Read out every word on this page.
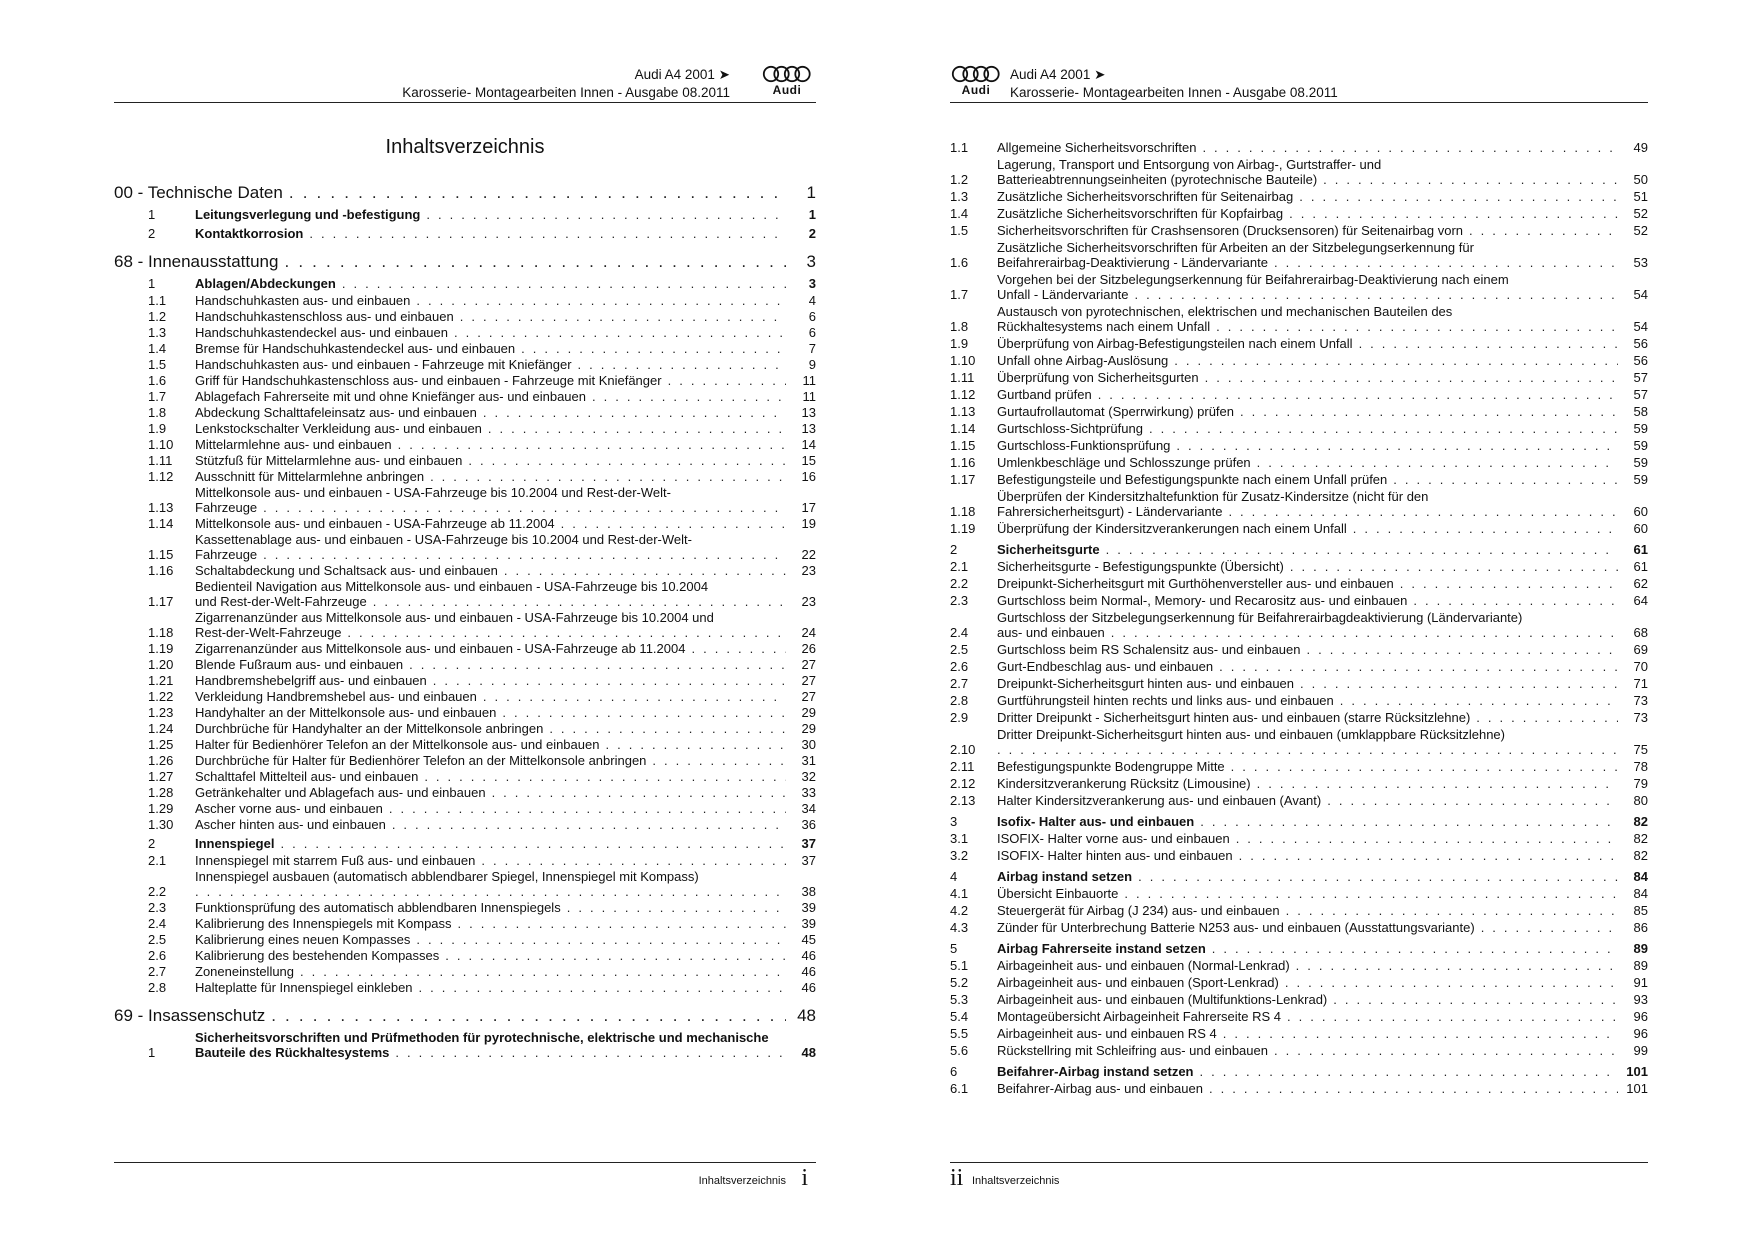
Audi A4 2001 ➤
Karosserie- Montagearbeiten Innen - Ausgabe 08.2011	Audi
Inhaltsverzeichnis
00 - Technische Daten . . .	1
1	Leitungsverlegung und -befestigung . . .	1
2	Kontaktkorrosion . . .	2
68 - Innenausstattung . . .	3
1	Ablagen/Abdeckungen . . .	3
1.1	Handschuhkasten aus- und einbauen . . .	4
1.2	Handschuhkastenschloss aus- und einbauen . . .	6
1.3	Handschuhkastendeckel aus- und einbauen . . .	6
1.4	Bremse für Handschuhkastendeckel aus- und einbauen . . .	7
1.5	Handschuhkasten aus- und einbauen - Fahrzeuge mit Kniefänger . . .	9
1.6	Griff für Handschuhkastenschloss aus- und einbauen - Fahrzeuge mit Kniefänger . . .	11
1.7	Ablagefach Fahrerseite mit und ohne Kniefänger aus- und einbauen . . .	11
1.8	Abdeckung Schalttafeleinsatz aus- und einbauen . . .	13
1.9	Lenkstockschalter Verkleidung aus- und einbauen . . .	13
1.10	Mittelarmlehne aus- und einbauen . . .	14
1.11	Stützfuß für Mittelarmlehne aus- und einbauen . . .	15
1.12	Ausschnitt für Mittelarmlehne anbringen . . .	16
1.13
Mittelkonsole aus- und einbauen - USA-Fahrzeuge bis 10.2004 und Rest-der-Welt-
Fahrzeuge . . .	17
1.14	Mittelkonsole aus- und einbauen - USA-Fahrzeuge ab 11.2004 . . .	19
1.15
Kassettenablage aus- und einbauen - USA-Fahrzeuge bis 10.2004 und Rest-der-Welt-
Fahrzeuge . . .	22
1.16	Schaltabdeckung und Schaltsack aus- und einbauen . . .	23
1.17
Bedienteil Navigation aus Mittelkonsole aus- und einbauen - USA-Fahrzeuge bis 10.2004
und Rest-der-Welt-Fahrzeuge . . .	23
1.18
Zigarrenanzünder aus Mittelkonsole aus- und einbauen - USA-Fahrzeuge bis 10.2004 und
Rest-der-Welt-Fahrzeuge . . .	24
1.19	Zigarrenanzünder aus Mittelkonsole aus- und einbauen - USA-Fahrzeuge ab 11.2004 . . .	26
1.20	Blende Fußraum aus- und einbauen . . .	27
1.21	Handbremshebelgriff aus- und einbauen . . .	27
1.22	Verkleidung Handbremshebel aus- und einbauen . . .	27
1.23	Handyhalter an der Mittelkonsole aus- und einbauen . . .	29
1.24	Durchbrüche für Handyhalter an der Mittelkonsole anbringen . . .	29
1.25	Halter für Bedienhörer Telefon an der Mittelkonsole aus- und einbauen . . .	30
1.26	Durchbrüche für Halter für Bedienhörer Telefon an der Mittelkonsole anbringen . . .	31
1.27	Schalttafel Mittelteil aus- und einbauen . . .	32
1.28	Getränkehalter und Ablagefach aus- und einbauen . . .	33
1.29	Ascher vorne aus- und einbauen . . .	34
1.30	Ascher hinten aus- und einbauen . . .	36
2	Innenspiegel . . .	37
2.1	Innenspiegel mit starrem Fuß aus- und einbauen . . .	37
2.2
Innenspiegel ausbauen (automatisch abblendbarer Spiegel, Innenspiegel mit Kompass)
. . .
38
2.3	Funktionsprüfung des automatisch abblendbaren Innenspiegels . . .	39
2.4	Kalibrierung des Innenspiegels mit Kompass . . .	39
2.5	Kalibrierung eines neuen Kompasses . . .	45
2.6	Kalibrierung des bestehenden Kompasses . . .	46
2.7	Zoneneinstellung . . .	46
2.8	Halteplatte für Innenspiegel einkleben . . .	46
69 - Insassenschutz . . .	48
1
Sicherheitsvorschriften und Prüfmethoden für pyrotechnische, elektrische und mechanische
Bauteile des Rückhaltesystems . . .	48
Inhaltsverzeichnis i
Audi
Audi A4 2001 ➤
Karosserie- Montagearbeiten Innen - Ausgabe 08.2011
1.1	Allgemeine Sicherheitsvorschriften . . .	49
1.2
Lagerung, Transport und Entsorgung von Airbag-, Gurtstraffer- und
Batterieabtrennungseinheiten (pyrotechnische Bauteile) . . .	50
1.3	Zusätzliche Sicherheitsvorschriften für Seitenairbag . . .	51
1.4	Zusätzliche Sicherheitsvorschriften für Kopfairbag . . .	52
1.5	Sicherheitsvorschriften für Crashsensoren (Drucksensoren) für Seitenairbag vorn . . .	52
1.6
Zusätzliche Sicherheitsvorschriften für Arbeiten an der Sitzbelegungserkennung für
Beifahrerairbag-Deaktivierung - Ländervariante . . .	53
1.7
Vorgehen bei der Sitzbelegungserkennung für Beifahrerairbag-Deaktivierung nach einem
Unfall - Ländervariante . . .	54
1.8
Austausch von pyrotechnischen, elektrischen und mechanischen Bauteilen des
Rückhaltesystems nach einem Unfall . . .	54
1.9	Überprüfung von Airbag-Befestigungsteilen nach einem Unfall . . .	56
1.10	Unfall ohne Airbag-Auslösung . . .	56
1.11	Überprüfung von Sicherheitsgurten . . .	57
1.12	Gurtband prüfen . . .	57
1.13	Gurtaufrollautomat (Sperrwirkung) prüfen . . .	58
1.14	Gurtschloss-Sichtprüfung . . .	59
1.15	Gurtschloss-Funktionsprüfung . . .	59
1.16	Umlenkbeschläge und Schlosszunge prüfen . . .	59
1.17	Befestigungsteile und Befestigungspunkte nach einem Unfall prüfen . . .	59
1.18
Überprüfen der Kindersitzhaltefunktion für Zusatz-Kindersitze (nicht für den
Fahrersicherheitsgurt) - Ländervariante . . .	60
1.19	Überprüfung der Kindersitzverankerungen nach einem Unfall . . .	60
2	Sicherheitsgurte . . .	61
2.1	Sicherheitsgurte - Befestigungspunkte (Übersicht) . . .	61
2.2	Dreipunkt-Sicherheitsgurt mit Gurthöhenversteller aus- und einbauen . . .	62
2.3	Gurtschloss beim Normal-, Memory- und Recarositz aus- und einbauen . . .	64
2.4
Gurtschloss der Sitzbelegungserkennung für Beifahrerairbagdeaktivierung (Ländervariante)
aus- und einbauen . . .	68
2.5	Gurtschloss beim RS Schalensitz aus- und einbauen . . .	69
2.6	Gurt-Endbeschlag aus- und einbauen . . .	70
2.7	Dreipunkt-Sicherheitsgurt hinten aus- und einbauen . . .	71
2.8	Gurtführungsteil hinten rechts und links aus- und einbauen . . .	73
2.9	Dritter Dreipunkt - Sicherheitsgurt hinten aus- und einbauen (starre Rücksitzlehne) . . .	73
2.10
Dritter Dreipunkt-Sicherheitsgurt hinten aus- und einbauen (umklappbare Rücksitzlehne)
. . .
75
2.11	Befestigungspunkte Bodengruppe Mitte . . .	78
2.12	Kindersitzverankerung Rücksitz (Limousine) . . .	79
2.13	Halter Kindersitzverankerung aus- und einbauen (Avant) . . .	80
3	Isofix- Halter aus- und einbauen . . .	82
3.1	ISOFIX- Halter vorne aus- und einbauen . . .	82
3.2	ISOFIX- Halter hinten aus- und einbauen . . .	82
4	Airbag instand setzen . . .	84
4.1	Übersicht Einbauorte . . .	84
4.2	Steuergerät für Airbag (J 234) aus- und einbauen . . .	85
4.3	Zünder für Unterbrechung Batterie N253 aus- und einbauen (Ausstattungsvariante) . . .	86
5	Airbag Fahrerseite instand setzen . . .	89
5.1	Airbageinheit aus- und einbauen (Normal-Lenkrad) . . .	89
5.2	Airbageinheit aus- und einbauen (Sport-Lenkrad) . . .	91
5.3	Airbageinheit aus- und einbauen (Multifunktions-Lenkrad) . . .	93
5.4	Montageübersicht Airbageinheit Fahrerseite RS 4 . . .	96
5.5	Airbageinheit aus- und einbauen RS 4 . . .	96
5.6	Rückstellring mit Schleifring aus- und einbauen . . .	99
6	Beifahrer-Airbag instand setzen . . .	101
6.1	Beifahrer-Airbag aus- und einbauen . . .	101
ii Inhaltsverzeichnis
